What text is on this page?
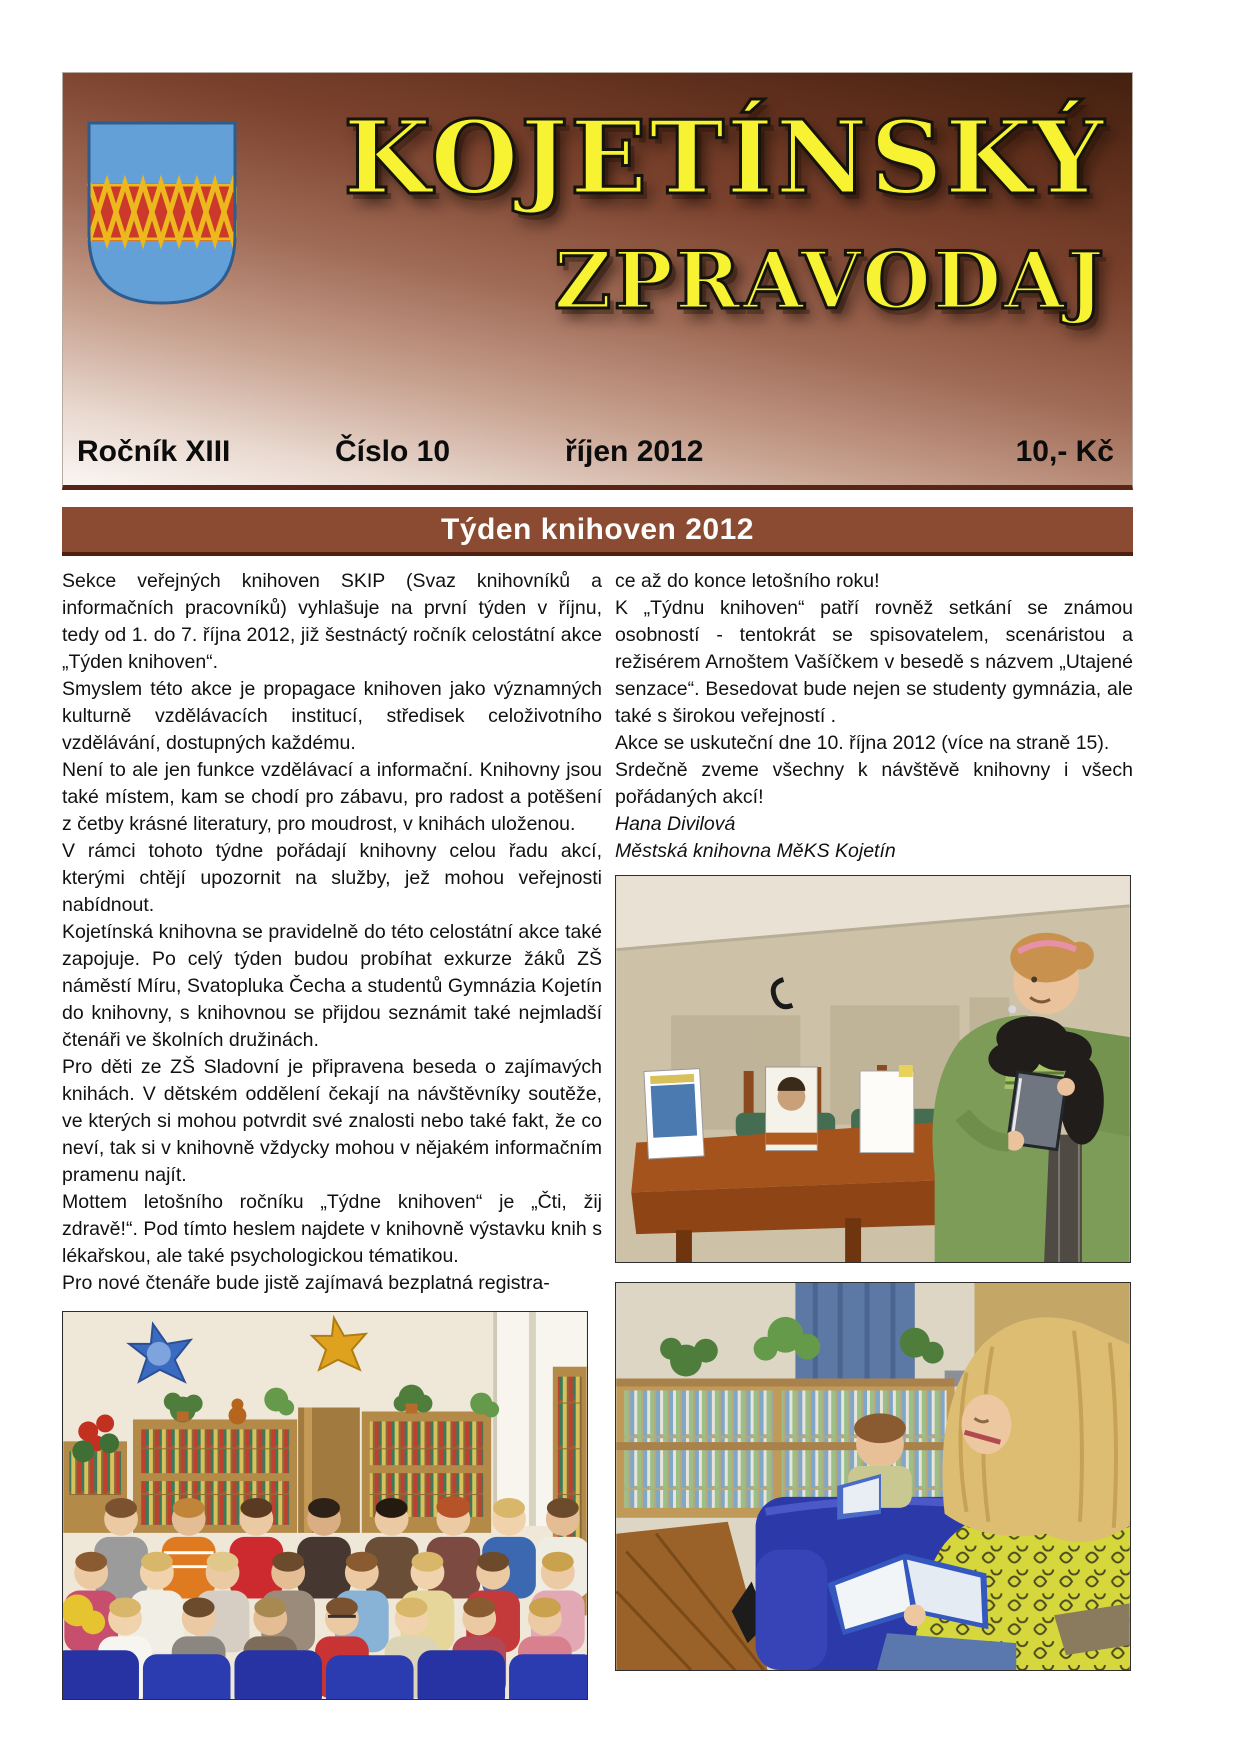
KOJETÍNSKÝ
ZPRAVODAJ
Ročník XIII	Číslo 10	říjen 2012	10,- Kč
Týden knihoven 2012

Sekce veřejných knihoven SKIP (Svaz knihovníků a informačních pracovníků) vyhlašuje na první týden v říjnu, tedy od 1. do 7. října 2012, již šestnáctý ročník celostátní akce „Týden knihoven“.

Smyslem této akce je propagace knihoven jako významných kulturně vzdělávacích institucí, středisek celoživotního vzdělávání, dostupných každému.

Není to ale jen funkce vzdělávací a informační. Knihovny jsou také místem, kam se chodí pro zábavu, pro radost a potěšení z četby krásné literatury, pro moudrost, v knihách uloženou.

V rámci tohoto týdne pořádají knihovny celou řadu akcí, kterými chtějí upozornit na služby, jež mohou veřejnosti nabídnout.

Kojetínská knihovna se pravidelně do této celostátní akce také zapojuje. Po celý týden budou probíhat exkurze žáků ZŠ náměstí Míru, Svatopluka Čecha a studentů Gymnázia Kojetín do knihovny, s knihovnou se přijdou seznámit také nejmladší čtenáři ve školních družinách.

Pro děti ze ZŠ Sladovní je připravena beseda o zajímavých knihách. V dětském oddělení čekají na návštěvníky soutěže, ve kterých si mohou potvrdit své znalosti nebo také fakt, že co neví, tak si v knihovně vždycky mohou v nějakém informačním pramenu najít.

Mottem letošního ročníku „Týdne knihoven“ je „Čti, žij zdravě!“. Pod tímto heslem najdete v knihovně výstavku knih s lékařskou, ale také psychologickou tématikou.

Pro nové čtenáře bude jistě zajímavá bezplatná registra-

ce až do konce letošního roku!

K „Týdnu knihoven“ patří rovněž setkání se známou osobností - tentokrát se spisovatelem, scenáristou a režisérem Arnoštem Vašíčkem v besedě s názvem „Utajené senzace“. Besedovat bude nejen se studenty gymnázia, ale také s širokou veřejností .

Akce se uskuteční dne 10. října 2012 (více na straně 15).

Srdečně zveme všechny k návštěvě knihovny i všech pořádaných akcí!

Hana Divilová

Městská knihovna MěKS Kojetín
